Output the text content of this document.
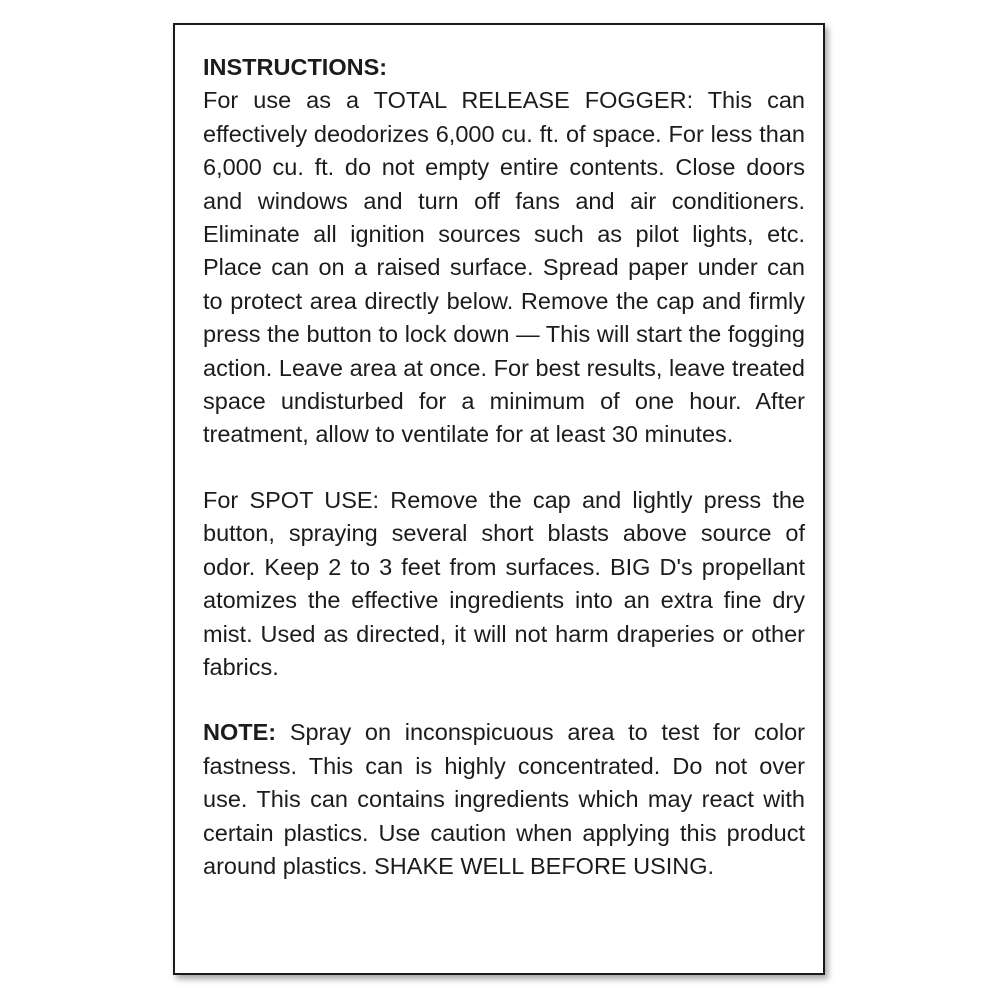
INSTRUCTIONS:

For use as a TOTAL RELEASE FOGGER: This can effectively deodorizes 6,000 cu. ft. of space. For less than 6,000 cu. ft. do not empty entire contents. Close doors and windows and turn off fans and air conditioners. Eliminate all ignition sources such as pilot lights, etc. Place can on a raised surface. Spread paper under can to protect area directly below. Remove the cap and firmly press the button to lock down — This will start the fogging action. Leave area at once. For best results, leave treated space undisturbed for a minimum of one hour. After treatment, allow to ventilate for at least 30 minutes.

For SPOT USE: Remove the cap and lightly press the button, spraying several short blasts above source of odor. Keep 2 to 3 feet from surfaces. BIG D's propellant atomizes the effective ingredients into an extra fine dry mist. Used as directed, it will not harm draperies or other fabrics.

NOTE: Spray on inconspicuous area to test for color fastness. This can is highly concentrated. Do not over use. This can contains ingredients which may react with certain plastics. Use caution when applying this product around plastics. SHAKE WELL BEFORE USING.
